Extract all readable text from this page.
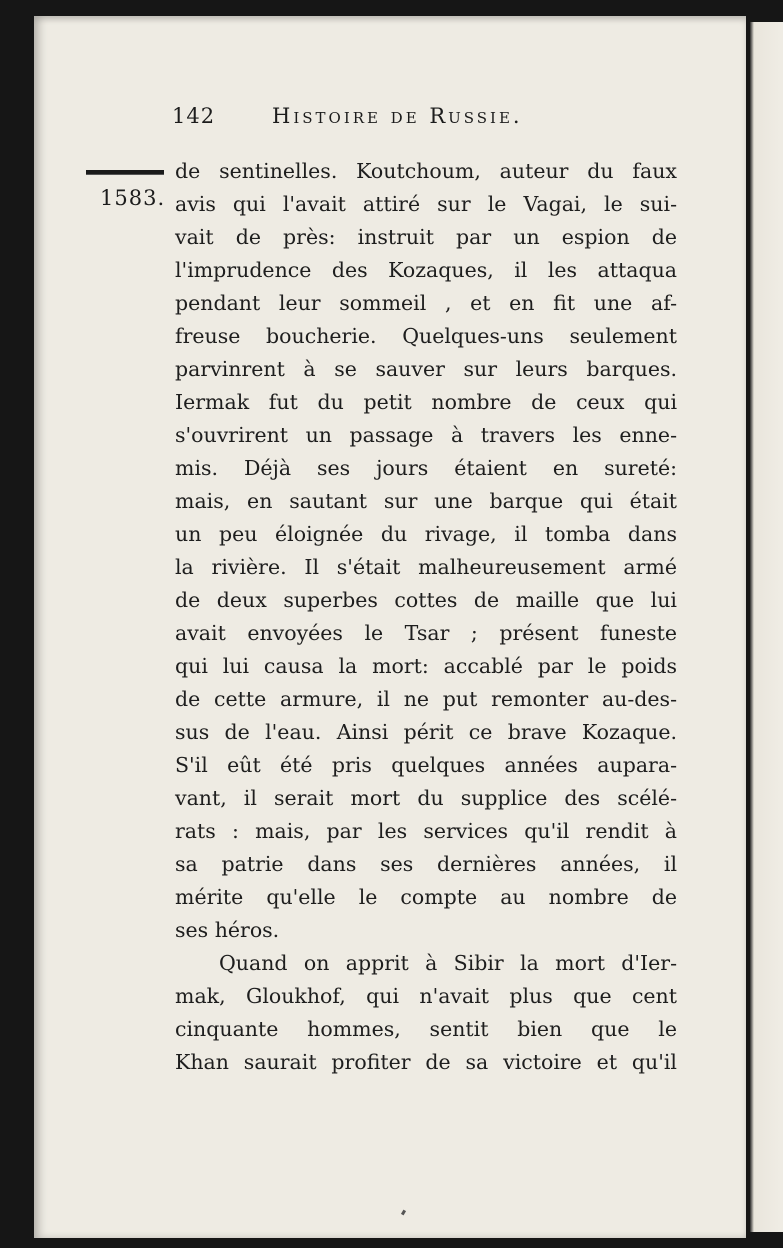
142	Histoire de Russie.
1583.
de sentinelles. Koutchoum, auteur du faux
avis qui l'avait attiré sur le Vagai, le sui-
vait de près: instruit par un espion de
l'imprudence des Kozaques, il les attaqua
pendant leur sommeil , et en fit une af-
freuse boucherie. Quelques-uns seulement
parvinrent à se sauver sur leurs barques.
Iermak fut du petit nombre de ceux qui
s'ouvrirent un passage à travers les enne-
mis. Déjà ses jours étaient en sureté:
mais, en sautant sur une barque qui était
un peu éloignée du rivage, il tomba dans
la rivière. Il s'était malheureusement armé
de deux superbes cottes de maille que lui
avait envoyées le Tsar ; présent funeste
qui lui causa la mort: accablé par le poids
de cette armure, il ne put remonter au-des-
sus de l'eau. Ainsi périt ce brave Kozaque.
S'il eût été pris quelques années aupara-
vant, il serait mort du supplice des scélé-
rats : mais, par les services qu'il rendit à
sa patrie dans ses dernières années, il
mérite qu'elle le compte au nombre de
ses héros.
Quand on apprit à Sibir la mort d'Ier-
mak, Gloukhof, qui n'avait plus que cent
cinquante hommes, sentit bien que le
Khan saurait profiter de sa victoire et qu'il
